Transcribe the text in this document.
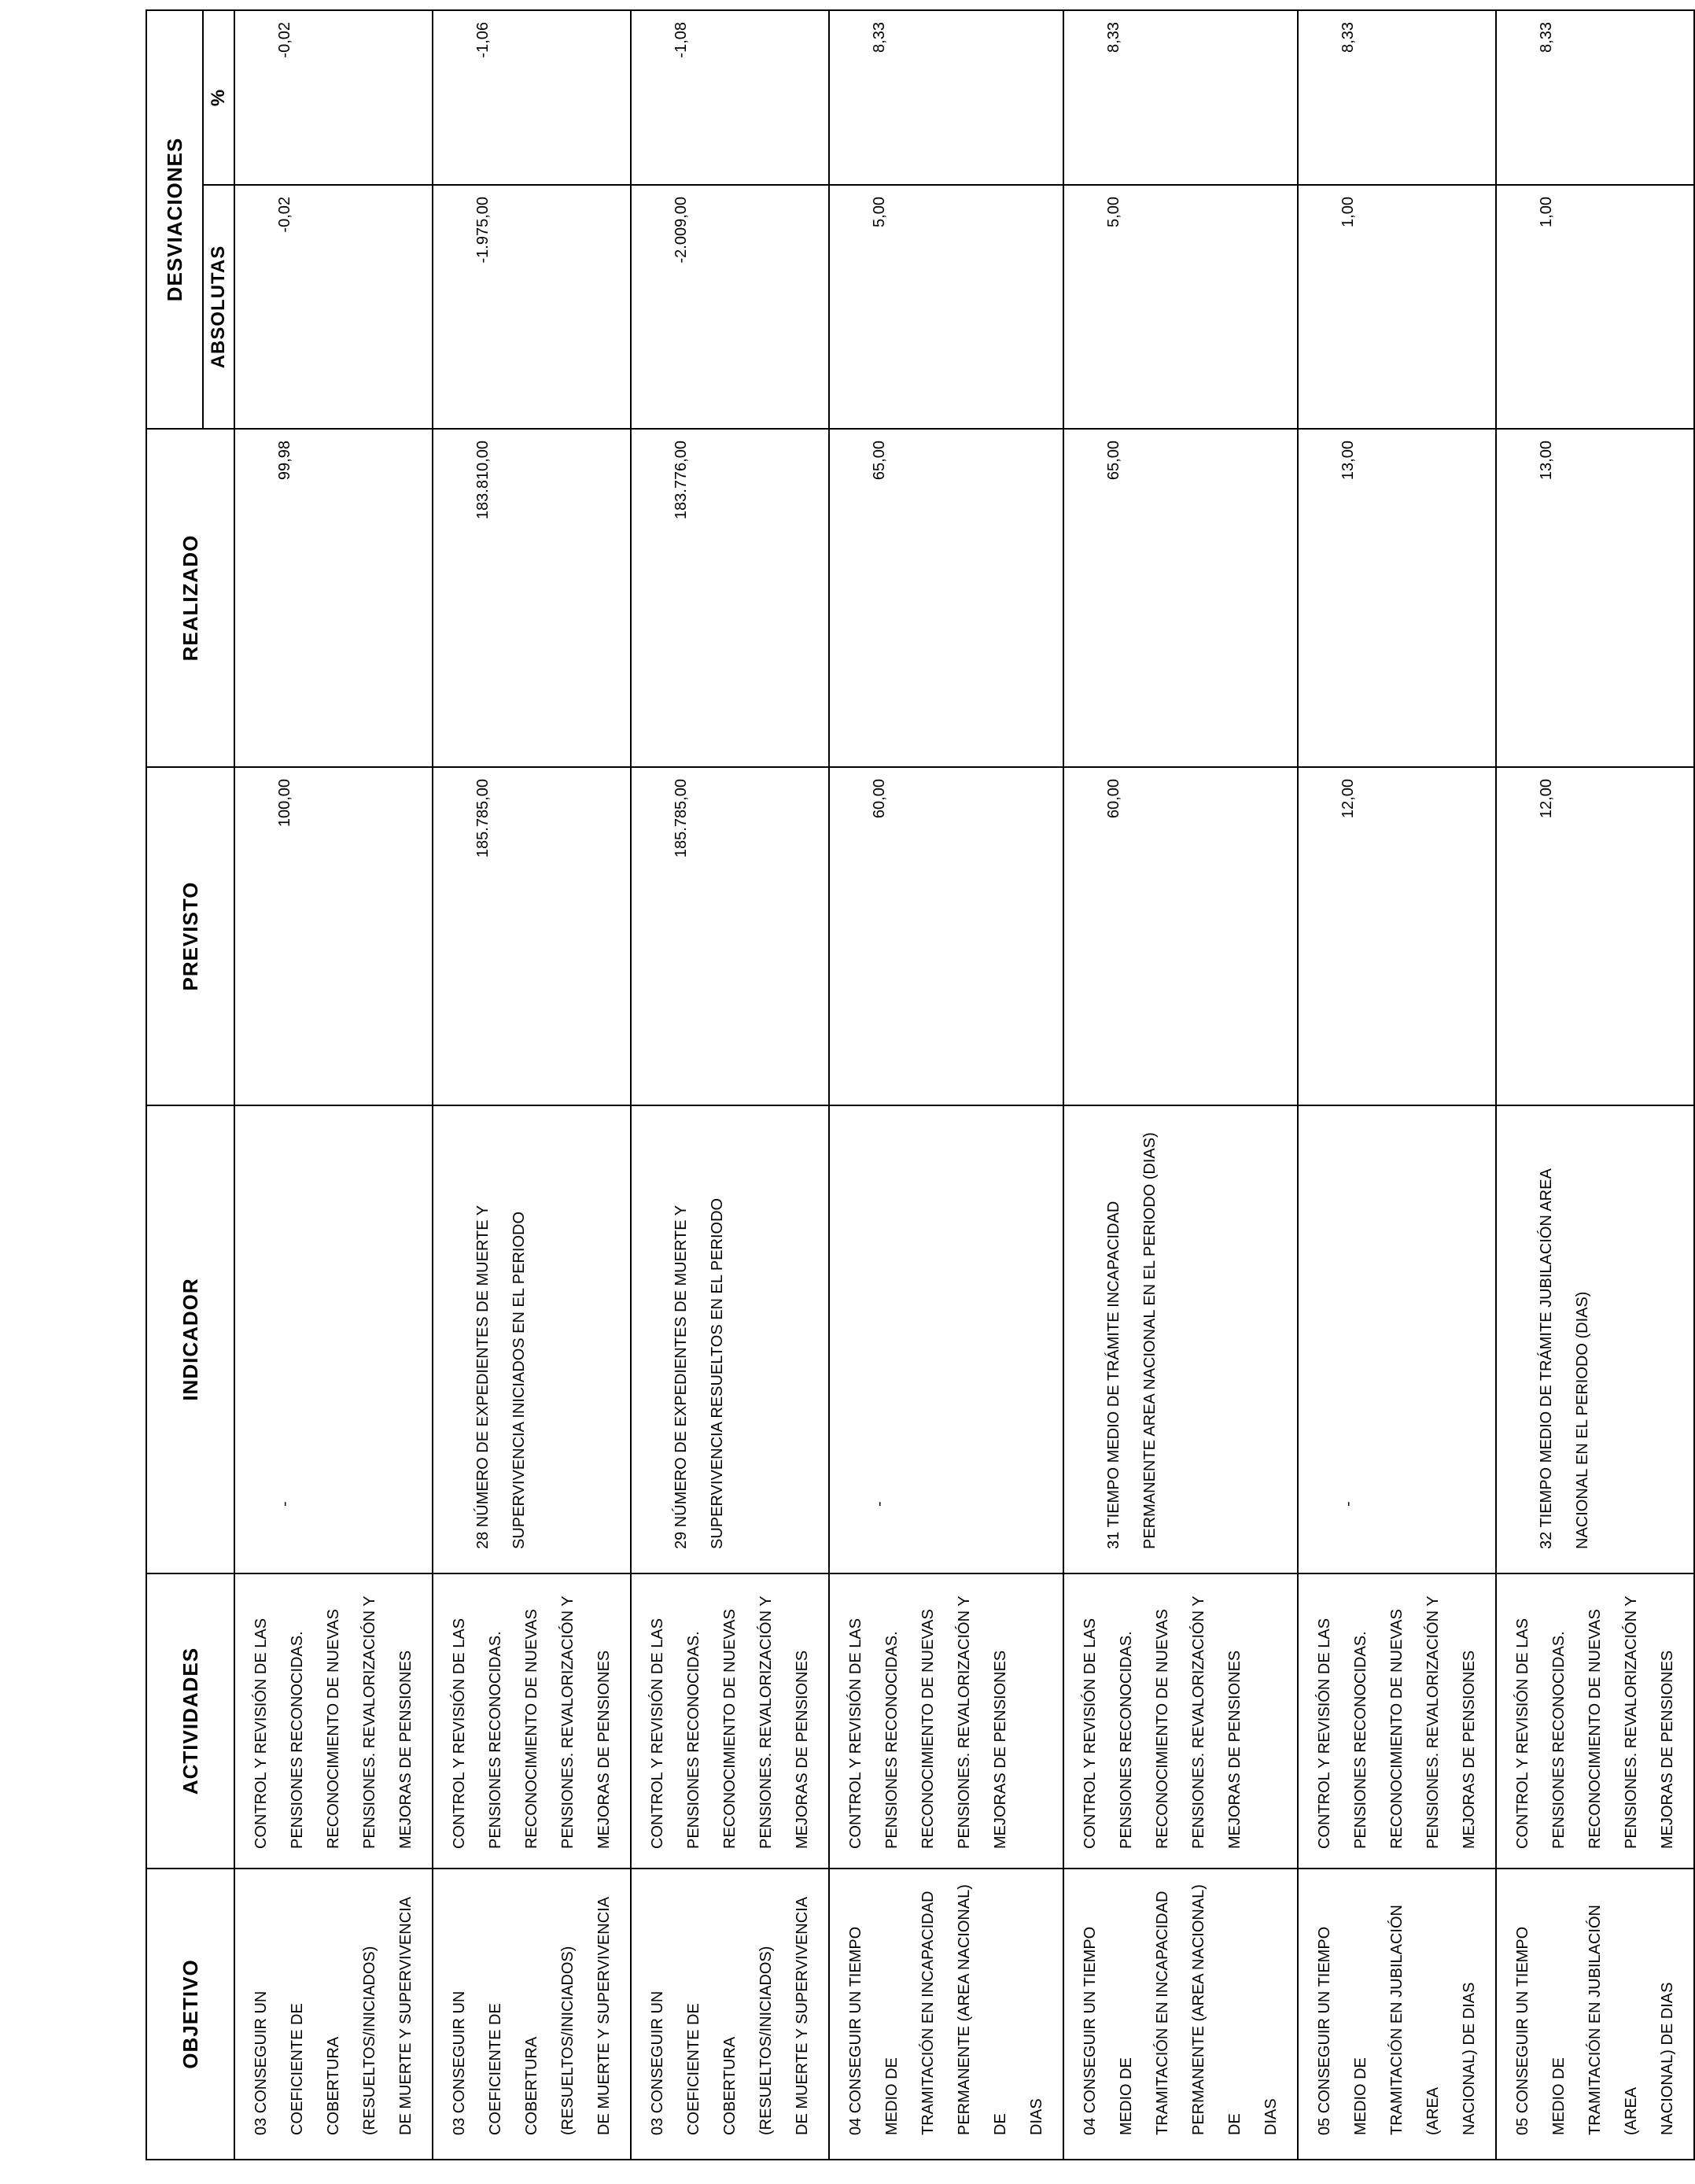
OBJETIVO	ACTIVIDADES	INDICADOR	PREVISTO	REALIZADO	DESVIACIONES	
					ABSOLUTAS	%

03 CONSEGUIR UN COEFICIENTE DE
COBERTURA (RESUELTOS/INICIADOS)
DE MUERTE Y SUPERVIVENCIA	CONTROL Y REVISIÓN DE LAS
PENSIONES RECONOCIDAS.
RECONOCIMIENTO DE NUEVAS
PENSIONES. REVALORIZACIÓN Y
MEJORAS DE PENSIONES	-	100,00	99,98	-0,02	-0,02

03 CONSEGUIR UN COEFICIENTE DE
COBERTURA (RESUELTOS/INICIADOS)
DE MUERTE Y SUPERVIVENCIA	CONTROL Y REVISIÓN DE LAS
PENSIONES RECONOCIDAS.
RECONOCIMIENTO DE NUEVAS
PENSIONES. REVALORIZACIÓN Y
MEJORAS DE PENSIONES	28 NÚMERO DE EXPEDIENTES DE MUERTE Y SUPERVIVENCIA INICIADOS EN EL PERIODO	185.785,00	183.810,00	-1.975,00	-1,06

03 CONSEGUIR UN COEFICIENTE DE
COBERTURA (RESUELTOS/INICIADOS)
DE MUERTE Y SUPERVIVENCIA	CONTROL Y REVISIÓN DE LAS
PENSIONES RECONOCIDAS.
RECONOCIMIENTO DE NUEVAS
PENSIONES. REVALORIZACIÓN Y
MEJORAS DE PENSIONES	29 NÚMERO DE EXPEDIENTES DE MUERTE Y SUPERVIVENCIA RESUELTOS EN EL PERIODO	185.785,00	183.776,00	-2.009,00	-1,08

04 CONSEGUIR UN TIEMPO MEDIO DE
TRAMITACIÓN EN INCAPACIDAD
PERMANENTE (AREA NACIONAL) DE
DIAS	CONTROL Y REVISIÓN DE LAS
PENSIONES RECONOCIDAS.
RECONOCIMIENTO DE NUEVAS
PENSIONES. REVALORIZACIÓN Y
MEJORAS DE PENSIONES	-	60,00	65,00	5,00	8,33

04 CONSEGUIR UN TIEMPO MEDIO DE
TRAMITACIÓN EN INCAPACIDAD
PERMANENTE (AREA NACIONAL) DE
DIAS	CONTROL Y REVISIÓN DE LAS
PENSIONES RECONOCIDAS.
RECONOCIMIENTO DE NUEVAS
PENSIONES. REVALORIZACIÓN Y
MEJORAS DE PENSIONES	31 TIEMPO MEDIO DE TRÁMITE INCAPACIDAD PERMANENTE AREA NACIONAL EN EL PERIODO (DIAS)	60,00	65,00	5,00	8,33

05 CONSEGUIR UN TIEMPO MEDIO DE
TRAMITACIÓN EN JUBILACIÓN (AREA
NACIONAL) DE DIAS	CONTROL Y REVISIÓN DE LAS
PENSIONES RECONOCIDAS.
RECONOCIMIENTO DE NUEVAS
PENSIONES. REVALORIZACIÓN Y
MEJORAS DE PENSIONES	-	12,00	13,00	1,00	8,33

05 CONSEGUIR UN TIEMPO MEDIO DE
TRAMITACIÓN EN JUBILACIÓN (AREA
NACIONAL) DE DIAS	CONTROL Y REVISIÓN DE LAS
PENSIONES RECONOCIDAS.
RECONOCIMIENTO DE NUEVAS
PENSIONES. REVALORIZACIÓN Y
MEJORAS DE PENSIONES	32 TIEMPO MEDIO DE TRÁMITE JUBILACIÓN AREA NACIONAL EN EL PERIODO (DIAS)	12,00	13,00	1,00	8,33
